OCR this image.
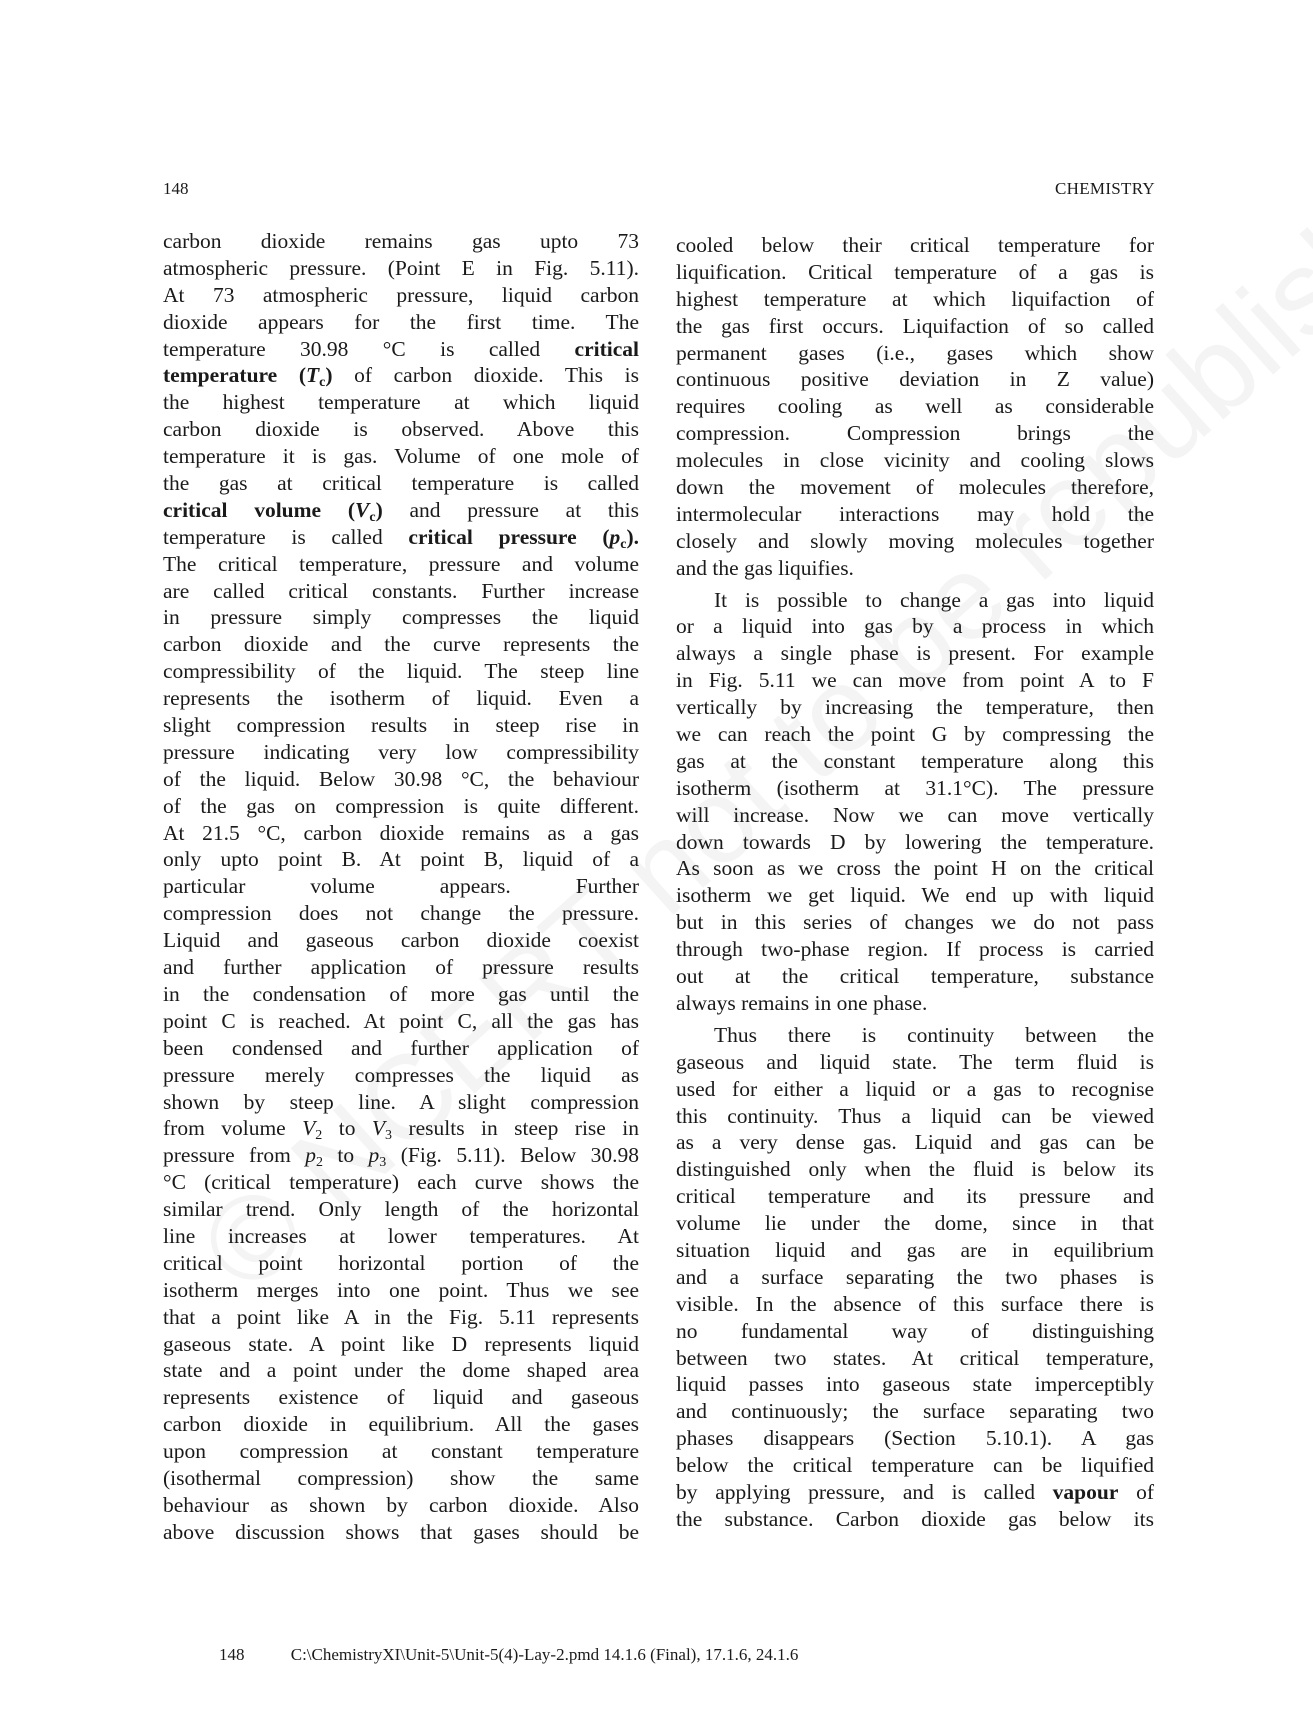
148	CHEMISTRY
carbon dioxide remains gas upto 73
atmospheric pressure. (Point E in Fig. 5.11).
At 73 atmospheric pressure, liquid carbon
dioxide appears for the first time. The
temperature 30.98 °C is called critical
temperature (Tc) of carbon dioxide. This is
the highest temperature at which liquid
carbon dioxide is observed. Above this
temperature it is gas. Volume of one mole of
the gas at critical temperature is called
critical volume (Vc) and pressure at this
temperature is called critical pressure (pc).
The critical temperature, pressure and volume
are called critical constants. Further increase
in pressure simply compresses the liquid
carbon dioxide and the curve represents the
compressibility of the liquid. The steep line
represents the isotherm of liquid. Even a
slight compression results in steep rise in
pressure indicating very low compressibility
of the liquid. Below 30.98 °C, the behaviour
of the gas on compression is quite different.
At 21.5 °C, carbon dioxide remains as a gas
only upto point B. At point B, liquid of a
particular volume appears. Further
compression does not change the pressure.
Liquid and gaseous carbon dioxide coexist
and further application of pressure results
in the condensation of more gas until the
point C is reached. At point C, all the gas has
been condensed and further application of
pressure merely compresses the liquid as
shown by steep line. A slight compression
from volume $V_2$ to $V_3$ results in steep rise in
pressure from $p_2$ to $p_3$ (Fig. 5.11). Below 30.98
°C (critical temperature) each curve shows the
similar trend. Only length of the horizontal
line increases at lower temperatures. At
critical point horizontal portion of the
isotherm merges into one point. Thus we see
that a point like A in the Fig. 5.11 represents
gaseous state. A point like D represents liquid
state and a point under the dome shaped area
represents existence of liquid and gaseous
carbon dioxide in equilibrium. All the gases
upon compression at constant temperature
(isothermal compression) show the same
behaviour as shown by carbon dioxide. Also
above discussion shows that gases should be
cooled below their critical temperature for
liquification. Critical temperature of a gas is
highest temperature at which liquifaction of
the gas first occurs. Liquifaction of so called
permanent gases (i.e., gases which show
continuous positive deviation in Z value)
requires cooling as well as considerable
compression. Compression brings the
molecules in close vicinity and cooling slows
down the movement of molecules therefore,
intermolecular interactions may hold the
closely and slowly moving molecules together
and the gas liquifies.
It is possible to change a gas into liquid
or a liquid into gas by a process in which
always a single phase is present. For example
in Fig. 5.11 we can move from point A to F
vertically by increasing the temperature, then
we can reach the point G by compressing the
gas at the constant temperature along this
isotherm (isotherm at 31.1°C). The pressure
will increase. Now we can move vertically
down towards D by lowering the temperature.
As soon as we cross the point H on the critical
isotherm we get liquid. We end up with liquid
but in this series of changes we do not pass
through two-phase region. If process is carried
out at the critical temperature, substance
always remains in one phase.
Thus there is continuity between the
gaseous and liquid state. The term fluid is
used for either a liquid or a gas to recognise
this continuity. Thus a liquid can be viewed
as a very dense gas. Liquid and gas can be
distinguished only when the fluid is below its
critical temperature and its pressure and
volume lie under the dome, since in that
situation liquid and gas are in equilibrium
and a surface separating the two phases is
visible. In the absence of this surface there is
no fundamental way of distinguishing
between two states. At critical temperature,
liquid passes into gaseous state imperceptibly
and continuously; the surface separating two
phases disappears (Section 5.10.1). A gas
below the critical temperature can be liquified
by applying pressure, and is called vapour of
the substance. Carbon dioxide gas below its
148	C:\ChemistryXI\Unit-5\Unit-5(4)-Lay-2.pmd 14.1.6 (Final), 17.1.6, 24.1.6
